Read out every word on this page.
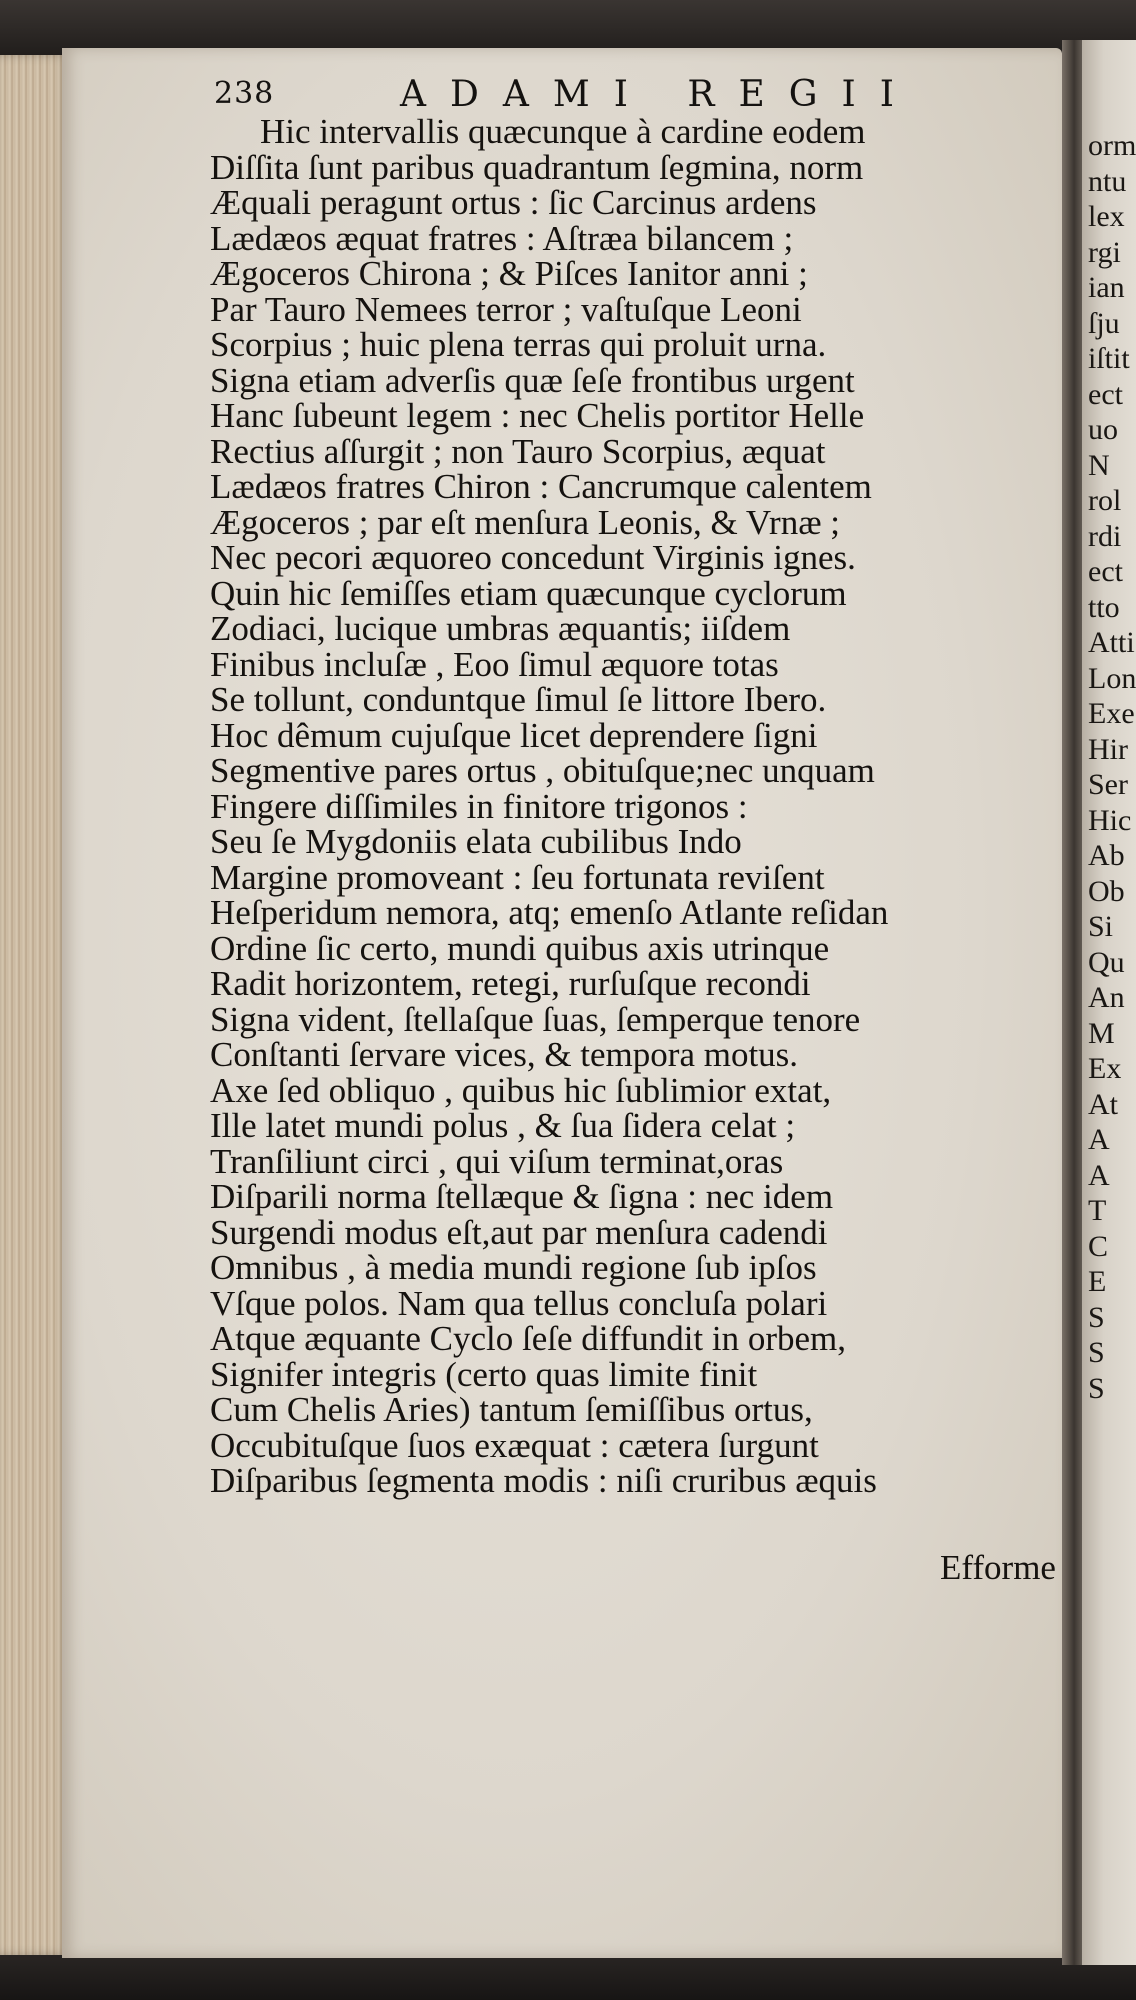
238	ADAMI REGII
Hic intervallis quæcunque à cardine eodem
Diſſita ſunt paribus quadrantum ſegmina, norm
Æquali peragunt ortus : ſic Carcinus ardens
Lædæos æquat fratres : Aſtræa bilancem ;
Ægoceros Chirona ; & Piſces Ianitor anni ;
Par Tauro Nemees terror ; vaſtuſque Leoni
Scorpius ; huic plena terras qui proluit urna.
Signa etiam adverſis quæ ſeſe frontibus urgent
Hanc ſubeunt legem : nec Chelis portitor Helle
Rectius aſſurgit ; non Tauro Scorpius, æquat
Lædæos fratres Chiron : Cancrumque calentem
Ægoceros ; par eſt menſura Leonis, & Vrnæ ;
Nec pecori æquoreo concedunt Virginis ignes.
Quin hic ſemiſſes etiam quæcunque cyclorum
Zodiaci, lucique umbras æquantis; iiſdem
Finibus incluſæ , Eoo ſimul æquore totas
Se tollunt, conduntque ſimul ſe littore Ibero.
Hoc dêmum cujuſque licet deprendere ſigni
Segmentive pares ortus , obituſque;nec unquam
Fingere diſſimiles in finitore trigonos :
Seu ſe Mygdoniis elata cubilibus Indo
Margine promoveant : ſeu fortunata reviſent
Heſperidum nemora, atq; emenſo Atlante reſidan
Ordine ſic certo, mundi quibus axis utrinque
Radit horizontem, retegi, rurſuſque recondi
Signa vident, ſtellaſque ſuas, ſemperque tenore
Conſtanti ſervare vices, & tempora motus.
Axe ſed obliquo , quibus hic ſublimior extat,
Ille latet mundi polus , & ſua ſidera celat ;
Tranſiliunt circi , qui viſum terminat,oras
Diſparili norma ſtellæque & ſigna : nec idem
Surgendi modus eſt,aut par menſura cadendi
Omnibus , à media mundi regione ſub ipſos
Vſque polos. Nam qua tellus concluſa polari
Atque æquante Cyclo ſeſe diffundit in orbem,
Signifer integris (certo quas limite finit
Cum Chelis Aries) tantum ſemiſſibus ortus,
Occubituſque ſuos exæquat : cætera ſurgunt
Diſparibus ſegmenta modis : niſi cruribus æquis
Efforme
orm
ntu
lex
rgi
ian
ſju
iſtit
ect
uo
N
rol
rdi
ect
tto
Atti
Lon
Exe
Hir
Ser
Hic
Ab
Ob
Si
Qu
An
M
Ex
At
A
A
T
C
E
S
S
S
